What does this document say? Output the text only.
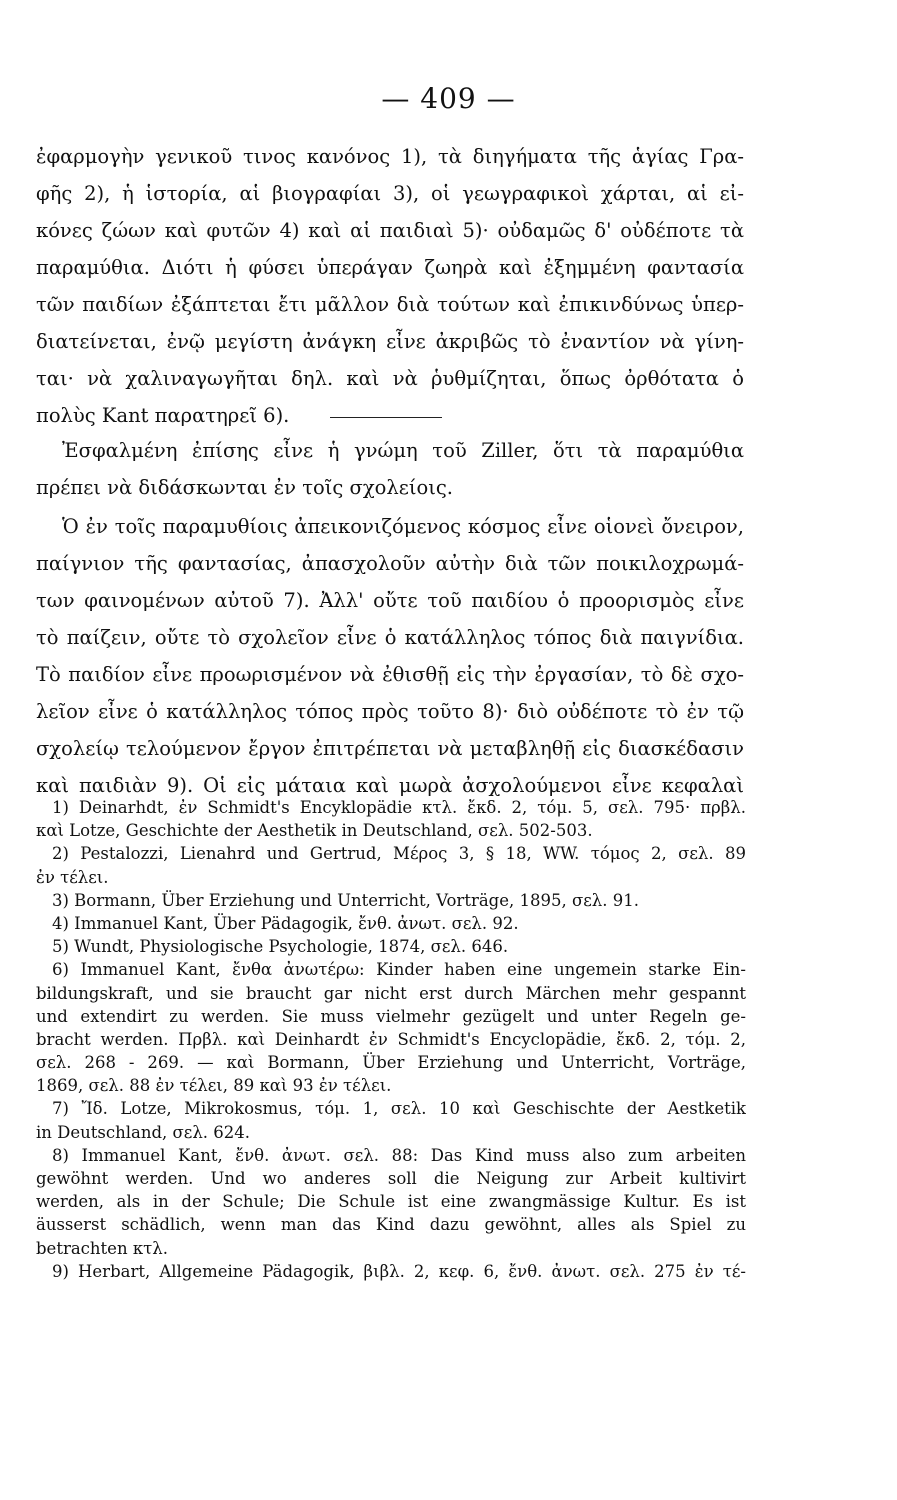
— 409 —
ἐφαρμογὴν γενικοῦ τινος κανόνος 1), τὰ διηγήματα τῆς ἁγίας Γρα-
φῆς 2), ἡ ἱστορία, αἱ βιογραφίαι 3), οἱ γεωγραφικοὶ χάρται, αἱ εἰ-
κόνες ζώων καὶ φυτῶν 4) καὶ αἱ παιδιαὶ 5)· οὐδαμῶς δ' οὐδέποτε τὰ
παραμύθια. Διότι ἡ φύσει ὑπεράγαν ζωηρὰ καὶ ἐξημμένη φαντασία
τῶν παιδίων ἐξάπτεται ἔτι μᾶλλον διὰ τούτων καὶ ἐπικινδύνως ὑπερ-
διατείνεται, ἐνῷ μεγίστη ἀνάγκη εἶνε ἀκριβῶς τὸ ἐναντίον νὰ γίνη-
ται· νὰ χαλιναγωγῆται δηλ. καὶ νὰ ῥυθμίζηται, ὅπως ὀρθότατα ὁ
πολὺς Kant παρατηρεῖ 6).
Ἐσφαλμένη ἐπίσης εἶνε ἡ γνώμη τοῦ Ziller, ὅτι τὰ παραμύθια
πρέπει νὰ διδάσκωνται ἐν τοῖς σχολείοις.
Ὁ ἐν τοῖς παραμυθίοις ἀπεικονιζόμενος κόσμος εἶνε οἱονεὶ ὄνειρον,
παίγνιον τῆς φαντασίας, ἀπασχολοῦν αὐτὴν διὰ τῶν ποικιλοχρωμά-
των φαινομένων αὐτοῦ 7). Ἀλλ' οὔτε τοῦ παιδίου ὁ προορισμὸς εἶνε
τὸ παίζειν, οὔτε τὸ σχολεῖον εἶνε ὁ κατάλληλος τόπος διὰ παιγνίδια.
Τὸ παιδίον εἶνε προωρισμένον νὰ ἐθισθῇ εἰς τὴν ἐργασίαν, τὸ δὲ σχο-
λεῖον εἶνε ὁ κατάλληλος τόπος πρὸς τοῦτο 8)· διὸ οὐδέποτε τὸ ἐν τῷ
σχολείῳ τελούμενον ἔργον ἐπιτρέπεται νὰ μεταβληθῇ εἰς διασκέδασιν
καὶ παιδιὰν 9). Οἱ εἰς μάταια καὶ μωρὰ ἀσχολούμενοι εἶνε κεφαλαὶ
1) Deinarhdt, ἐν Schmidt's Encyklopädie κτλ. ἔκδ. 2, τόμ. 5, σελ. 795· πρβλ.
καὶ Lotze, Geschichte der Aesthetik in Deutschland, σελ. 502-503.
2) Pestalozzi, Lienahrd und Gertrud, Μέρος 3, § 18, WW. τόμος 2, σελ. 89
ἐν τέλει.
3) Bormann, Über Erziehung und Unterricht, Vorträge, 1895, σελ. 91.
4) Immanuel Kant, Über Pädagogik, ἔνθ. ἀνωτ. σελ. 92.
5) Wundt, Physiologische Psychologie, 1874, σελ. 646.
6) Immanuel Kant, ἔνθα ἀνωτέρω: Kinder haben eine ungemein starke Ein-
bildungskraft, und sie braucht gar nicht erst durch Märchen mehr gespannt
und extendirt zu werden. Sie muss vielmehr gezügelt und unter Regeln ge-
bracht werden. Πρβλ. καὶ Deinhardt ἐν Schmidt's Encyclopädie, ἔκδ. 2, τόμ. 2,
σελ. 268 - 269. — καὶ Bormann, Über Erziehung und Unterricht, Vorträge,
1869, σελ. 88 ἐν τέλει, 89 καὶ 93 ἐν τέλει.
7) Ἴδ. Lotze, Mikrokosmus, τόμ. 1, σελ. 10 καὶ Geschischte der Aestketik
in Deutschland, σελ. 624.
8) Immanuel Kant, ἔνθ. ἀνωτ. σελ. 88: Das Kind muss also zum arbeiten
gewöhnt werden. Und wo anderes soll die Neigung zur Arbeit kultivirt
werden, als in der Schule; Die Schule ist eine zwangmässige Kultur. Es ist
äusserst schädlich, wenn man das Kind dazu gewöhnt, alles als Spiel zu
betrachten κτλ.
9) Herbart, Allgemeine Pädagogik, βιβλ. 2, κεφ. 6, ἔνθ. ἀνωτ. σελ. 275 ἐν τέ-
